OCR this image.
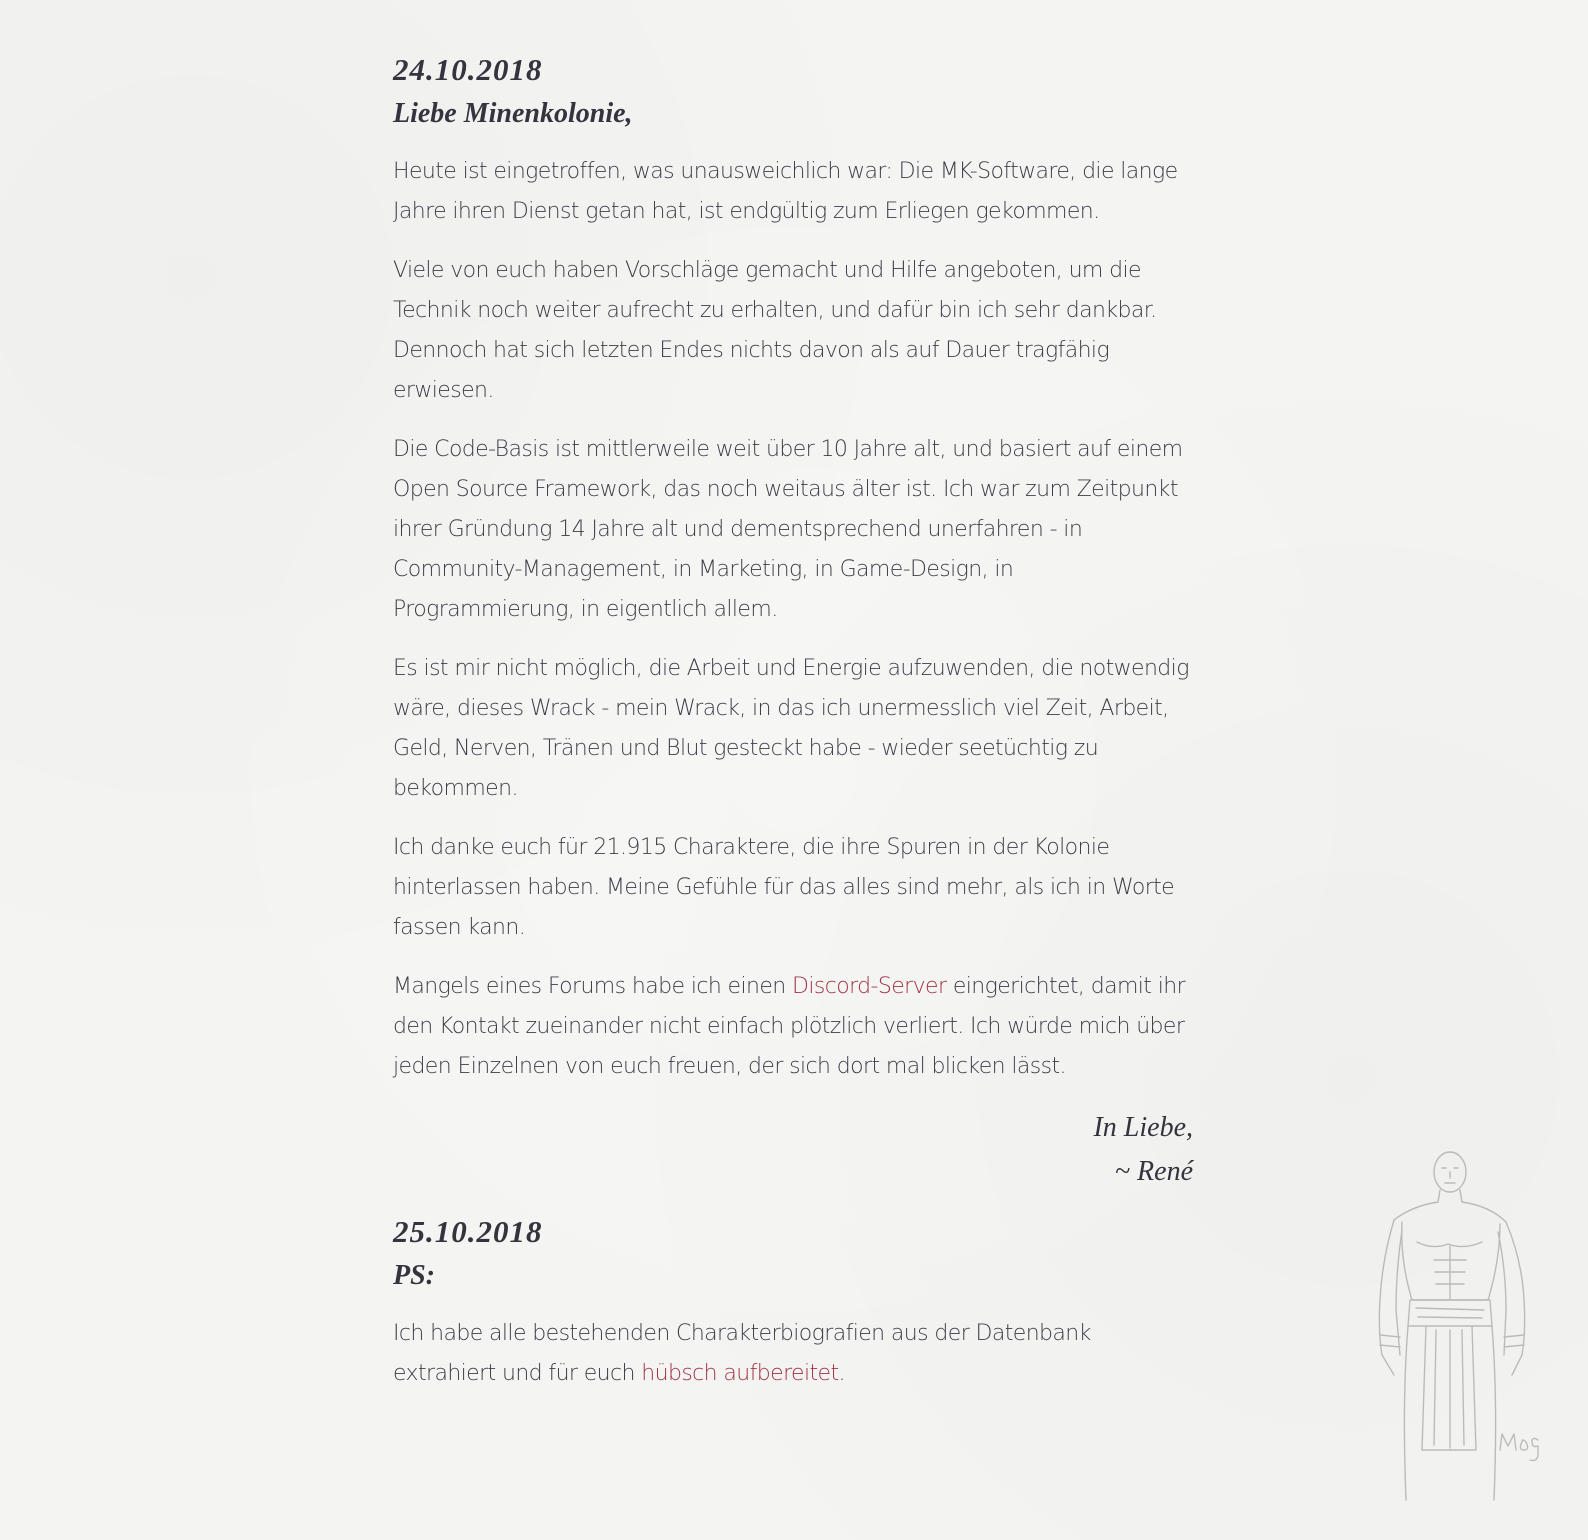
24.10.2018
Liebe Minenkolonie,

Heute ist eingetroffen, was unausweichlich war: Die MK-Software, die lange Jahre ihren Dienst getan hat, ist endgültig zum Erliegen gekommen.

Viele von euch haben Vorschläge gemacht und Hilfe angeboten, um die Technik noch weiter aufrecht zu erhalten, und dafür bin ich sehr dankbar. Dennoch hat sich letzten Endes nichts davon als auf Dauer tragfähig erwiesen.

Die Code-Basis ist mittlerweile weit über 10 Jahre alt, und basiert auf einem Open Source Framework, das noch weitaus älter ist. Ich war zum Zeitpunkt ihrer Gründung 14 Jahre alt und dementsprechend unerfahren - in Community-Management, in Marketing, in Game-Design, in Programmierung, in eigentlich allem.

Es ist mir nicht möglich, die Arbeit und Energie aufzuwenden, die notwendig wäre, dieses Wrack - mein Wrack, in das ich unermesslich viel Zeit, Arbeit, Geld, Nerven, Tränen und Blut gesteckt habe - wieder seetüchtig zu bekommen.

Ich danke euch für 21.915 Charaktere, die ihre Spuren in der Kolonie hinterlassen haben. Meine Gefühle für das alles sind mehr, als ich in Worte fassen kann.

Mangels eines Forums habe ich einen Discord-Server eingerichtet, damit ihr den Kontakt zueinander nicht einfach plötzlich verliert. Ich würde mich über jeden Einzelnen von euch freuen, der sich dort mal blicken lässt.

In Liebe,
~ René
25.10.2018
PS:

Ich habe alle bestehenden Charakterbiografien aus der Datenbank extrahiert und für euch hübsch aufbereitet.
